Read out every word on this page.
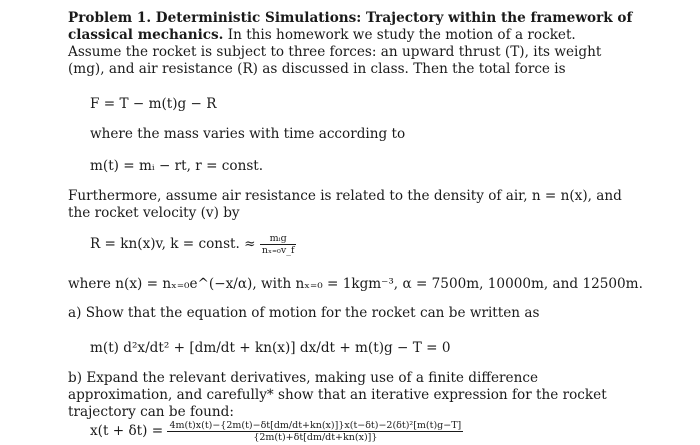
Problem 1. Deterministic Simulations: Trajectory within the framework of classical mechanics. In this homework we study the motion of a rocket. Assume the rocket is subject to three forces: an upward thrust (T), its weight (mg), and air resistance (R) as discussed in class. Then the total force is
F = T − m(t)g − R
where the mass varies with time according to
m(t) = mᵢ − rt, r = const.
Furthermore, assume air resistance is related to the density of air, n = n(x), and the rocket velocity (v) by
R = kn(x)v, k = const. ≈ $\frac{\text{mᵢg}}{\text{nₓ₌₀v\_f}}$
where n(x) = nₓ₌₀e^(−x/α), with nₓ₌₀ = 1kgm⁻³, α = 7500m, 10000m, and 12500m.
a) Show that the equation of motion for the rocket can be written as
m(t) d²x/dt² + [dm/dt + kn(x)] dx/dt + m(t)g − T = 0
b) Expand the relevant derivatives, making use of a finite difference approximation, and carefully* show that an iterative expression for the rocket trajectory can be found:
$x(t + \delta t) = \frac{\text{4m(t)x(t)−\{2m(t)−δt[dm/dt+kn(x)]\}x(t−δt)−2(δt)²[m(t)g−T]}}{\{2m(t)+\delta t[dm/dt+kn(x)]\}}$
